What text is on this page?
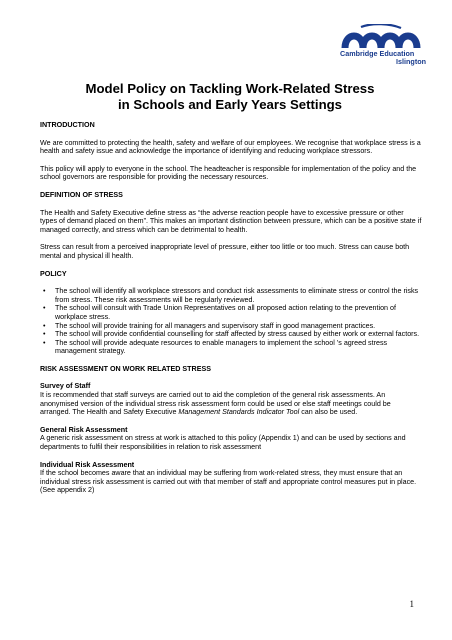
Cambridge Education
Islington
Model Policy on Tackling Work-Related Stress
in Schools and Early Years Settings

INTRODUCTION

We are committed to protecting the health, safety and welfare of our employees. We recognise that workplace stress is a health and safety issue and acknowledge the importance of identifying and reducing workplace stressors.

This policy will apply to everyone in the school. The headteacher is responsible for implementation of the policy and the school governors are responsible for providing the necessary resources.

DEFINITION OF STRESS

The Health and Safety Executive define stress as “the adverse reaction people have to excessive pressure or other types of demand placed on them”. This makes an important distinction between pressure, which can be a positive state if managed correctly, and stress which can be detrimental to health.

Stress can result from a perceived inappropriate level of pressure, either too little or too much. Stress can cause both mental and physical ill health.

POLICY

• The school will identify all workplace stressors and conduct risk assessments to eliminate stress or control the risks from stress. These risk assessments will be regularly reviewed.
• The school will consult with Trade Union Representatives on all proposed action relating to the prevention of workplace stress.
• The school will provide training for all managers and supervisory staff in good management practices.
• The school will provide confidential counselling for staff affected by stress caused by either work or external factors.
• The school will provide adequate resources to enable managers to implement the school ’s agreed stress management strategy.

RISK ASSESSMENT ON WORK RELATED STRESS

Survey of Staff

It is recommended that staff surveys are carried out to aid the completion of the general risk assessments. An anonymised version of the individual stress risk assessment form could be used or else staff meetings could be arranged. The Health and Safety Executive Management Standards Indicator Tool can also be used.

General Risk Assessment

A generic risk assessment on stress at work is attached to this policy (Appendix 1) and can be used by sections and departments to fulfil their responsibilities in relation to risk assessment

Individual Risk Assessment

If the school becomes aware that an individual may be suffering from work-related stress, they must ensure that an individual stress risk assessment is carried out with that member of staff and appropriate control measures put in place. (See appendix 2)

1
